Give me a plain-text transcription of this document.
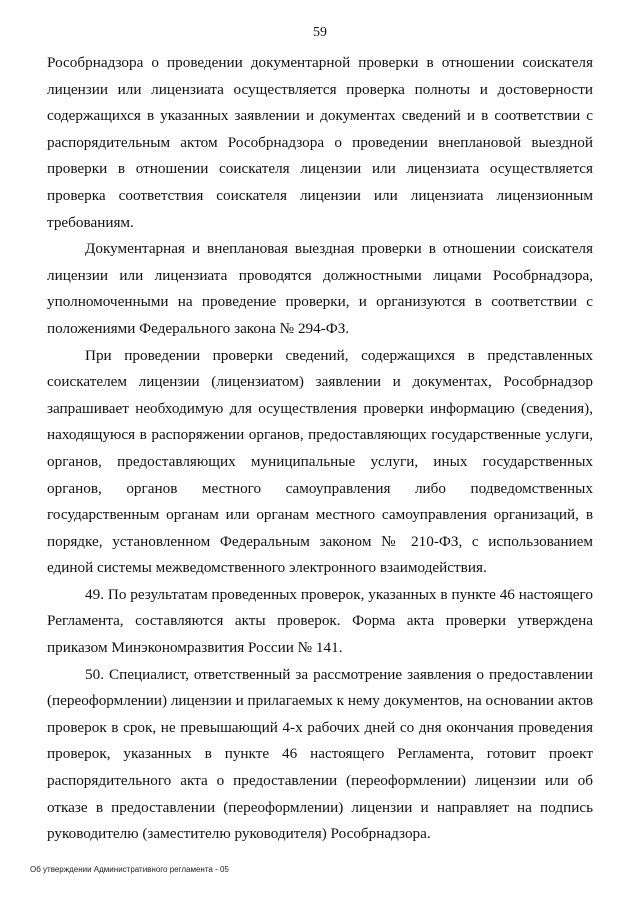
59

Рособрнадзора о проведении документарной проверки в отношении соискателя лицензии или лицензиата осуществляется проверка полноты и достоверности содержащихся в указанных заявлении и документах сведений и в соответствии с распорядительным актом Рособрнадзора о проведении внеплановой выездной проверки в отношении соискателя лицензии или лицензиата осуществляется проверка соответствия соискателя лицензии или лицензиата лицензионным требованиям.

Документарная и внеплановая выездная проверки в отношении соискателя лицензии или лицензиата проводятся должностными лицами Рособрнадзора, уполномоченными на проведение проверки, и организуются в соответствии с положениями Федерального закона № 294-ФЗ.

При проведении проверки сведений, содержащихся в представленных соискателем лицензии (лицензиатом) заявлении и документах, Рособрнадзор запрашивает необходимую для осуществления проверки информацию (сведения), находящуюся в распоряжении органов, предоставляющих государственные услуги, органов, предоставляющих муниципальные услуги, иных государственных органов, органов местного самоуправления либо подведомственных государственным органам или органам местного самоуправления организаций, в порядке, установленном Федеральным законом № 210-ФЗ, с использованием единой системы межведомственного электронного взаимодействия.

49. По результатам проведенных проверок, указанных в пункте 46 настоящего Регламента, составляются акты проверок. Форма акта проверки утверждена приказом Минэкономразвития России № 141.

50. Специалист, ответственный за рассмотрение заявления о предоставлении (переоформлении) лицензии и прилагаемых к нему документов, на основании актов проверок в срок, не превышающий 4-х рабочих дней со дня окончания проведения проверок, указанных в пункте 46 настоящего Регламента, готовит проект распорядительного акта о предоставлении (переоформлении) лицензии или об отказе в предоставлении (переоформлении) лицензии и направляет на подпись руководителю (заместителю руководителя) Рособрнадзора.

Об утверждении Административного регламента - 05
